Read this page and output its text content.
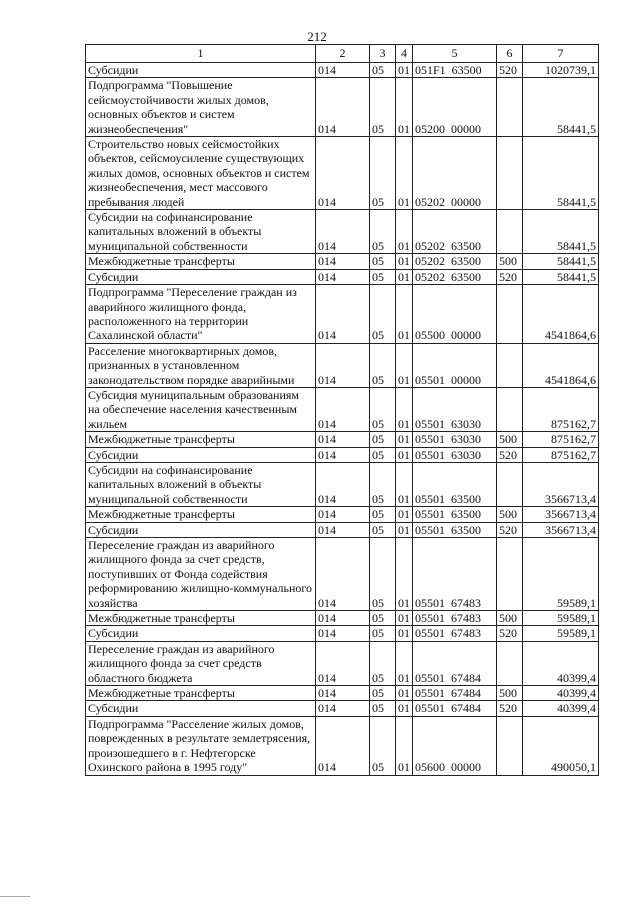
212
1	2	3	4	5	6	7
Субсидии	014	05	01	051F1 63500	520	1020739,1
Подпрограмма "Повышение сейсмоустойчивости жилых домов, основных объектов и систем жизнеобеспечения"	014	05	01	05200 00000		58441,5
Строительство новых сейсмостойких объектов, сейсмоусиление существующих жилых домов, основных объектов и систем жизнеобеспечения, мест массового пребывания людей	014	05	01	05202 00000		58441,5
Субсидии на софинансирование капитальных вложений в объекты муниципальной собственности	014	05	01	05202 63500		58441,5
Межбюджетные трансферты	014	05	01	05202 63500	500	58441,5
Субсидии	014	05	01	05202 63500	520	58441,5
Подпрограмма "Переселение граждан из аварийного жилищного фонда, расположенного на территории Сахалинской области"	014	05	01	05500 00000		4541864,6
Расселение многоквартирных домов, признанных в установленном законодательством порядке аварийными	014	05	01	05501 00000		4541864,6
Субсидия муниципальным образованиям на обеспечение населения качественным жильем	014	05	01	05501 63030		875162,7
Межбюджетные трансферты	014	05	01	05501 63030	500	875162,7
Субсидии	014	05	01	05501 63030	520	875162,7
Субсидии на софинансирование капитальных вложений в объекты муниципальной собственности	014	05	01	05501 63500		3566713,4
Межбюджетные трансферты	014	05	01	05501 63500	500	3566713,4
Субсидии	014	05	01	05501 63500	520	3566713,4
Переселение граждан из аварийного жилищного фонда за счет средств, поступивших от Фонда содействия реформированию жилищно-коммунального хозяйства	014	05	01	05501 67483		59589,1
Межбюджетные трансферты	014	05	01	05501 67483	500	59589,1
Субсидии	014	05	01	05501 67483	520	59589,1
Переселение граждан из аварийного жилищного фонда за счет средств областного бюджета	014	05	01	05501 67484		40399,4
Межбюджетные трансферты	014	05	01	05501 67484	500	40399,4
Субсидии	014	05	01	05501 67484	520	40399,4
Подпрограмма "Расселение жилых домов, поврежденных в результате землетрясения, произошедшего в г. Нефтегорске Охинского района в 1995 году"	014	05	01	05600 00000		490050,1
